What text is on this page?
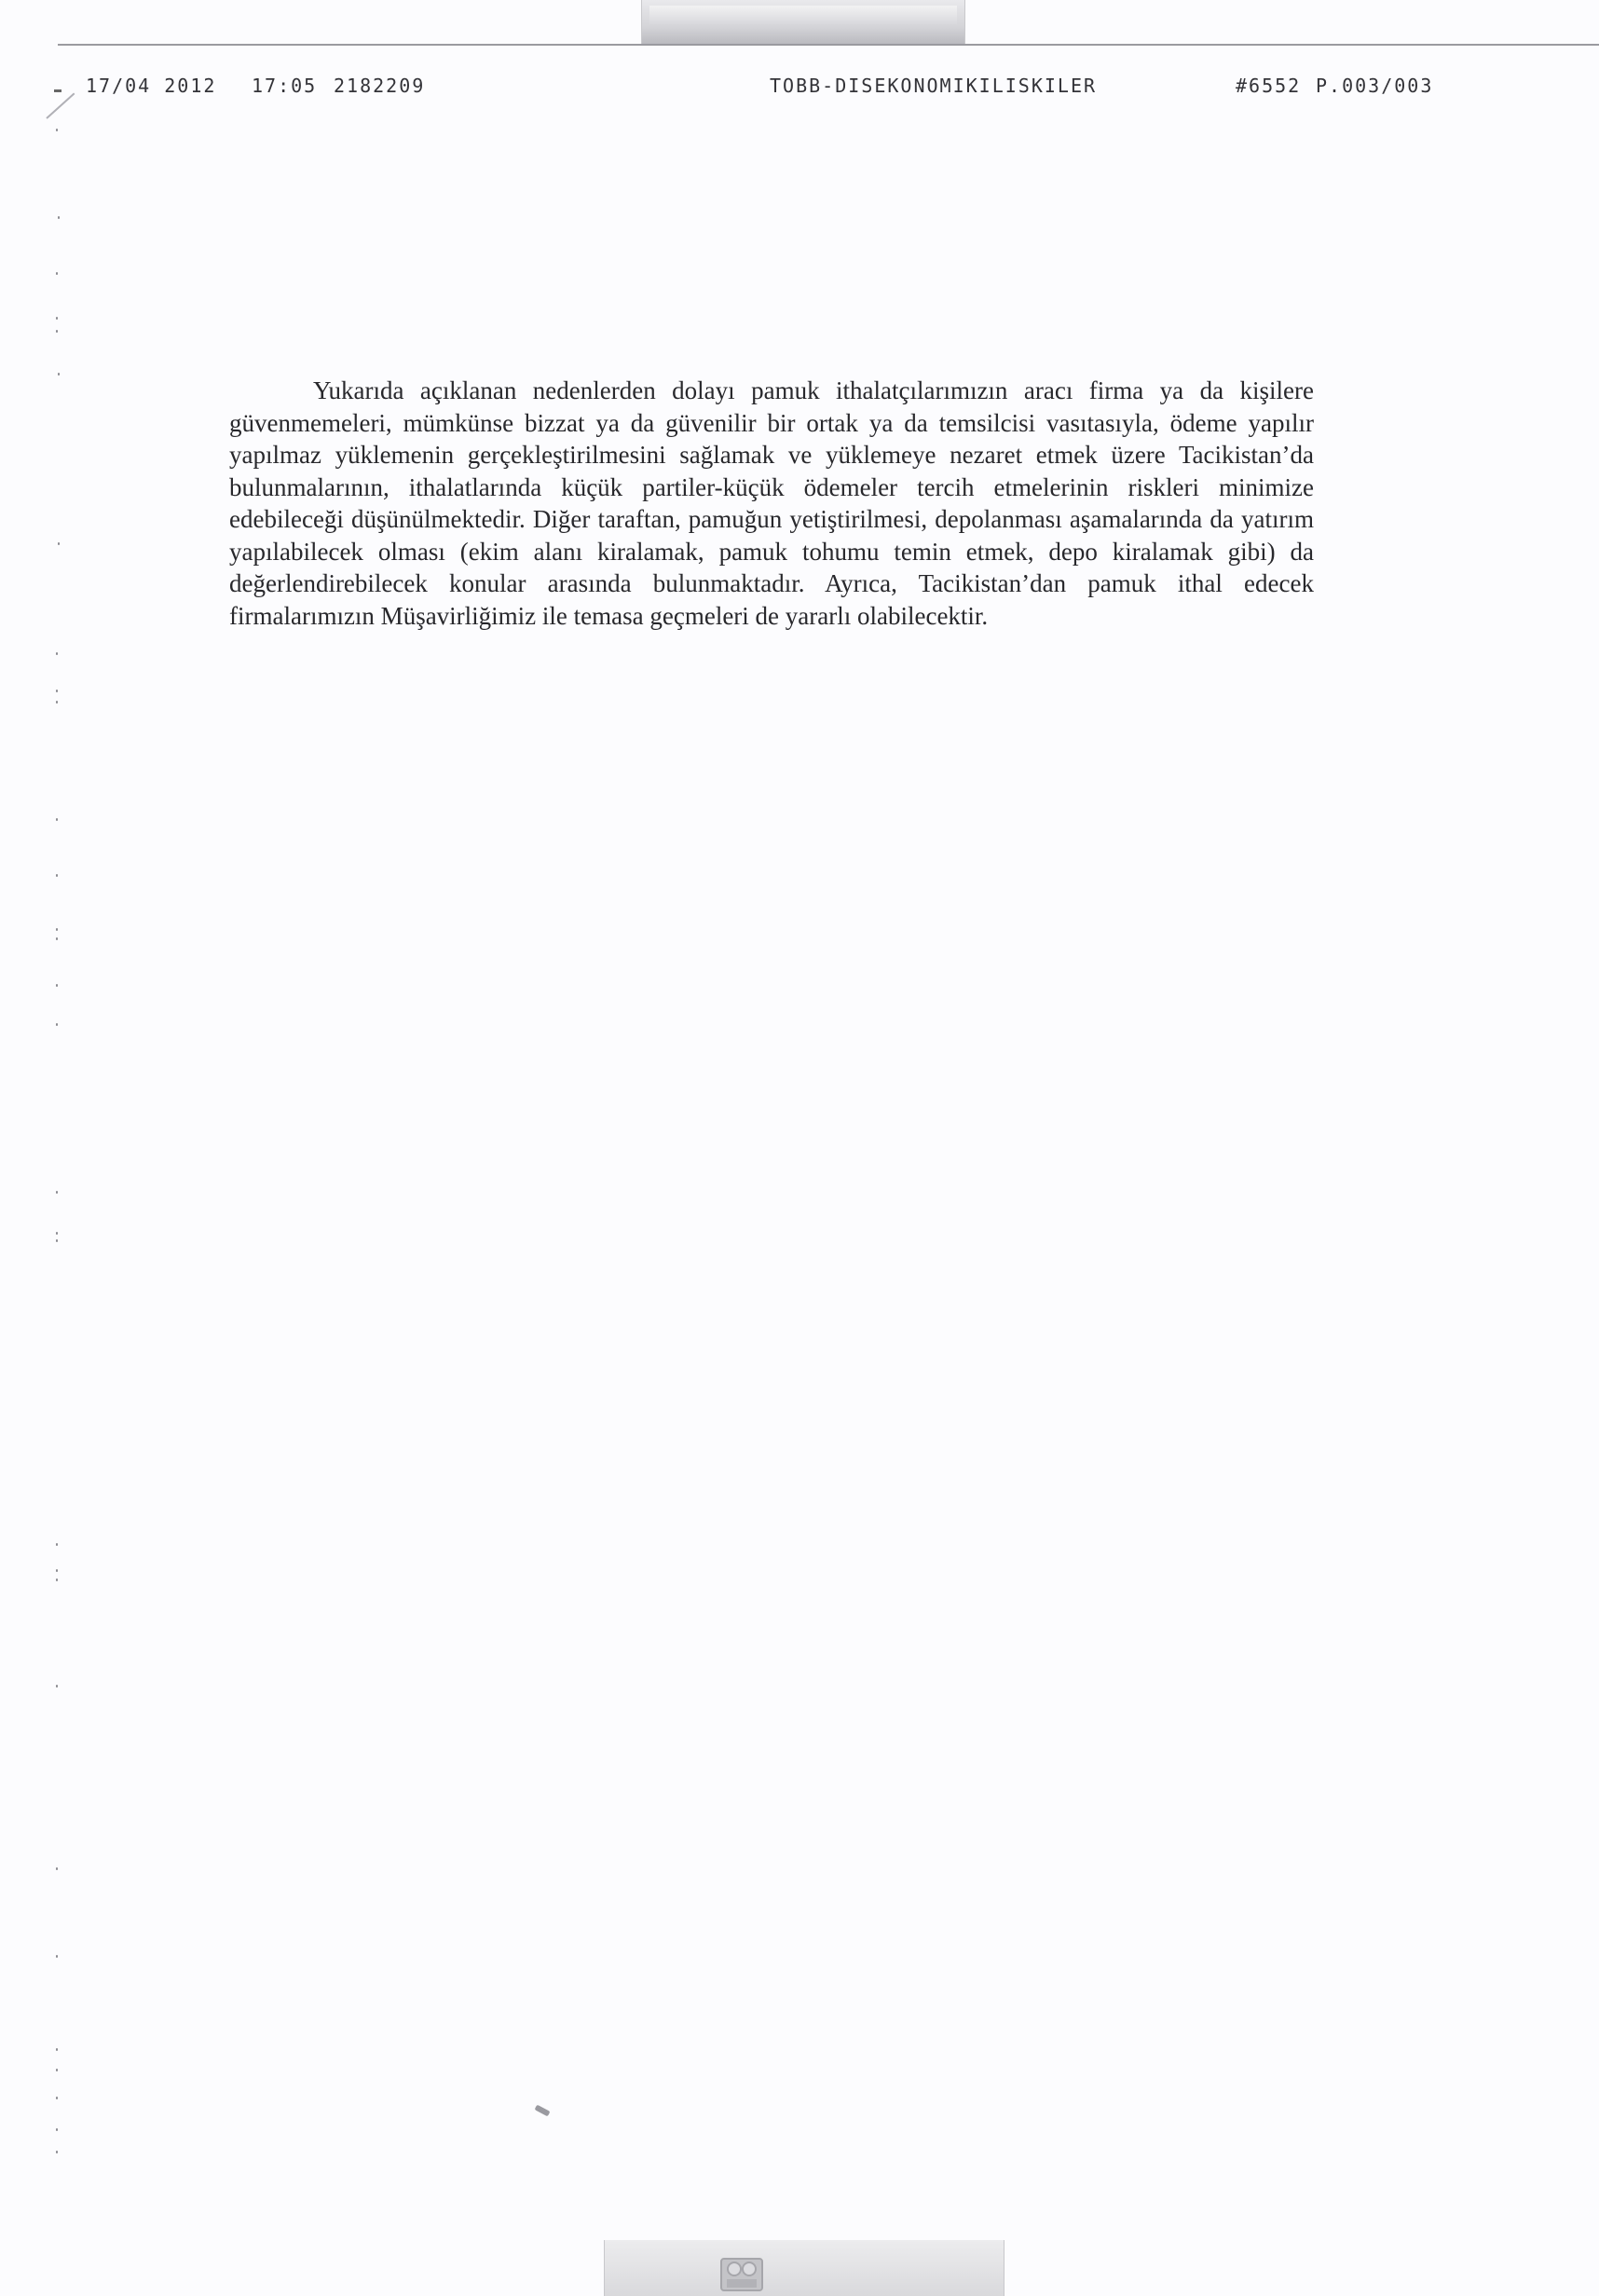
17/04 2012 17:05 2182209	TOBB-DISEKONOMIKILISKILER	#6552 P.003/003

Yukarıda açıklanan nedenlerden dolayı pamuk ithalatçılarımızın aracı firma ya da kişilere güvenmemeleri, mümkünse bizzat ya da güvenilir bir ortak ya da temsilcisi vasıtasıyla, ödeme yapılır yapılmaz yüklemenin gerçekleştirilmesini sağlamak ve yüklemeye nezaret etmek üzere Tacikistan’da bulunmalarının, ithalatlarında küçük partiler-küçük ödemeler tercih etmelerinin riskleri minimize edebileceği düşünülmektedir. Diğer taraftan, pamuğun yetiştirilmesi, depolanması aşamalarında da yatırım yapılabilecek olması (ekim alanı kiralamak, pamuk tohumu temin etmek, depo kiralamak gibi) da değerlendirebilecek konular arasında bulunmaktadır. Ayrıca, Tacikistan’dan pamuk ithal edecek firmalarımızın Müşavirliğimiz ile temasa geçmeleri de yararlı olabilecektir.
